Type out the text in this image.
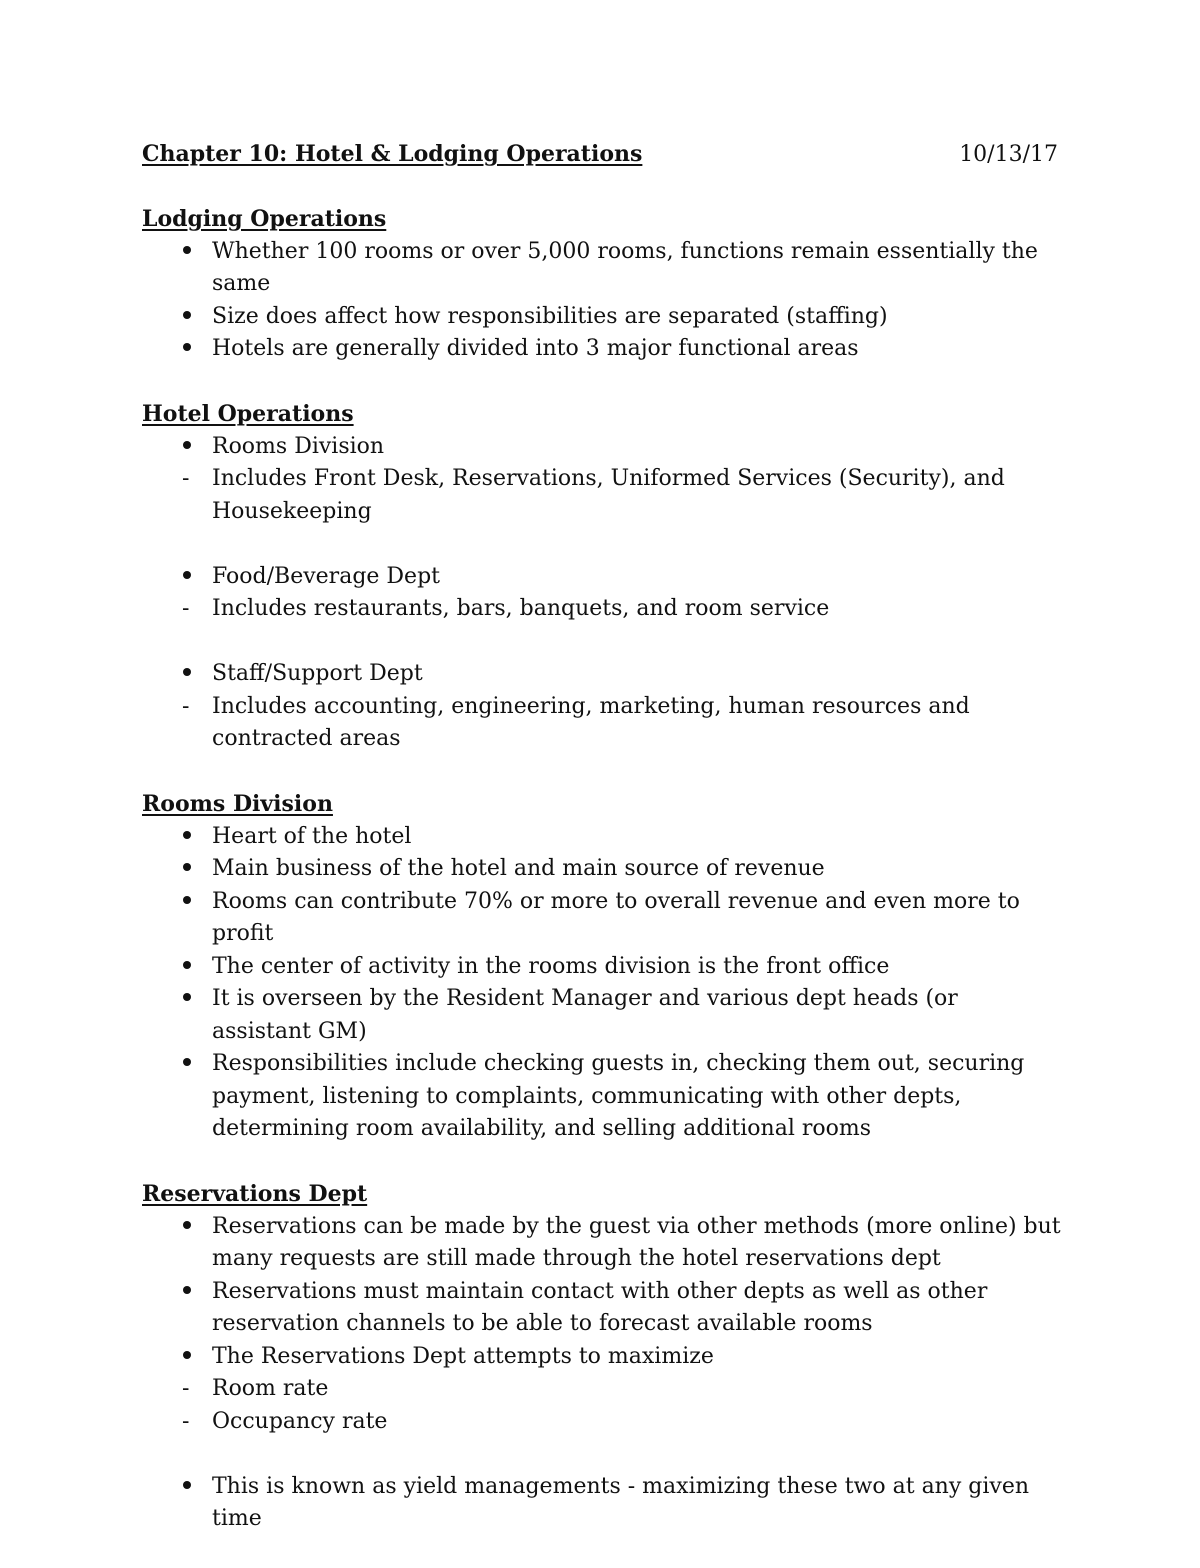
Chapter 10: Hotel & Lodging Operations	10/13/17
Lodging Operations
Whether 100 rooms or over 5,000 rooms, functions remain essentially the same
Size does affect how responsibilities are separated (staffing)
Hotels are generally divided into 3 major functional areas
Hotel Operations
Rooms Division
-	Includes Front Desk, Reservations, Uniformed Services (Security), and Housekeeping
Food/Beverage Dept
-	Includes restaurants, bars, banquets, and room service
Staff/Support Dept
-	Includes accounting, engineering, marketing, human resources and contracted areas
Rooms Division
Heart of the hotel
Main business of the hotel and main source of revenue
Rooms can contribute 70% or more to overall revenue and even more to profit
The center of activity in the rooms division is the front office
It is overseen by the Resident Manager and various dept heads (or assistant GM)
Responsibilities include checking guests in, checking them out, securing payment, listening to complaints, communicating with other depts, determining room availability, and selling additional rooms
Reservations Dept
Reservations can be made by the guest via other methods (more online) but many requests are still made through the hotel reservations dept
Reservations must maintain contact with other depts as well as other reservation channels to be able to forecast available rooms
The Reservations Dept attempts to maximize
-	Room rate
-	Occupancy rate
This is known as yield managements - maximizing these two at any given time
